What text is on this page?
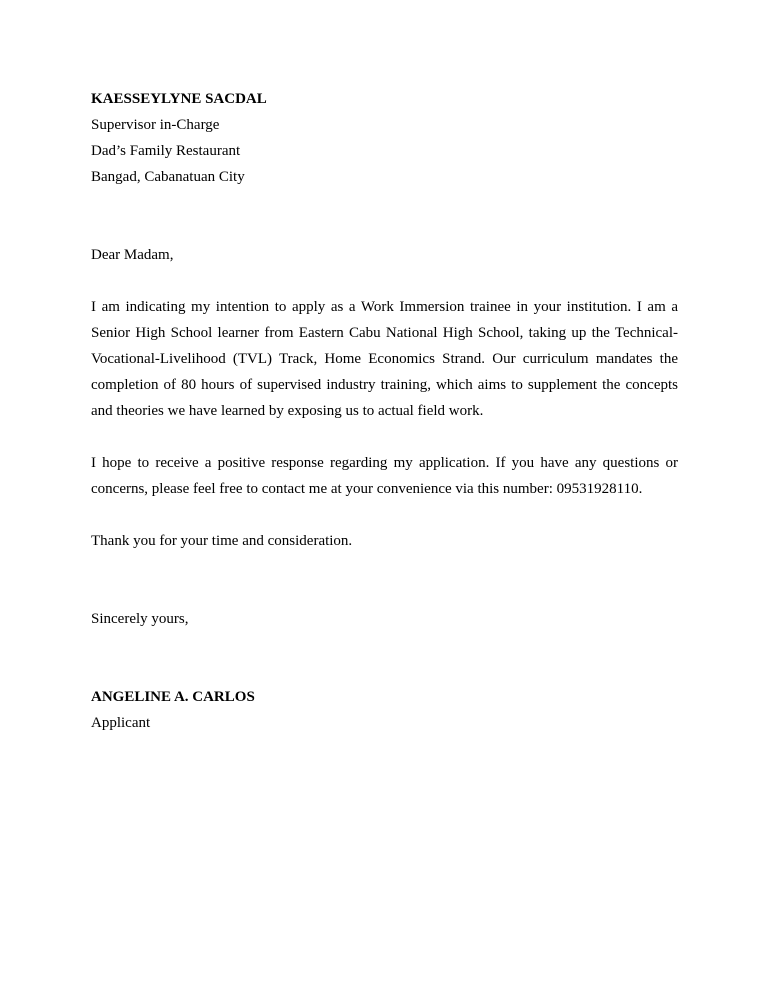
KAESSEYLYNE SACDAL

Supervisor in-Charge

Dad’s Family Restaurant

Bangad, Cabanatuan City

Dear Madam,

I am indicating my intention to apply as a Work Immersion trainee in your institution. I am a Senior High School learner from Eastern Cabu National High School, taking up the Technical-Vocational-Livelihood (TVL) Track, Home Economics Strand. Our curriculum mandates the completion of 80 hours of supervised industry training, which aims to supplement the concepts and theories we have learned by exposing us to actual field work.

I hope to receive a positive response regarding my application. If you have any questions or concerns, please feel free to contact me at your convenience via this number: 09531928110.

Thank you for your time and consideration.

Sincerely yours,

ANGELINE A. CARLOS

Applicant
